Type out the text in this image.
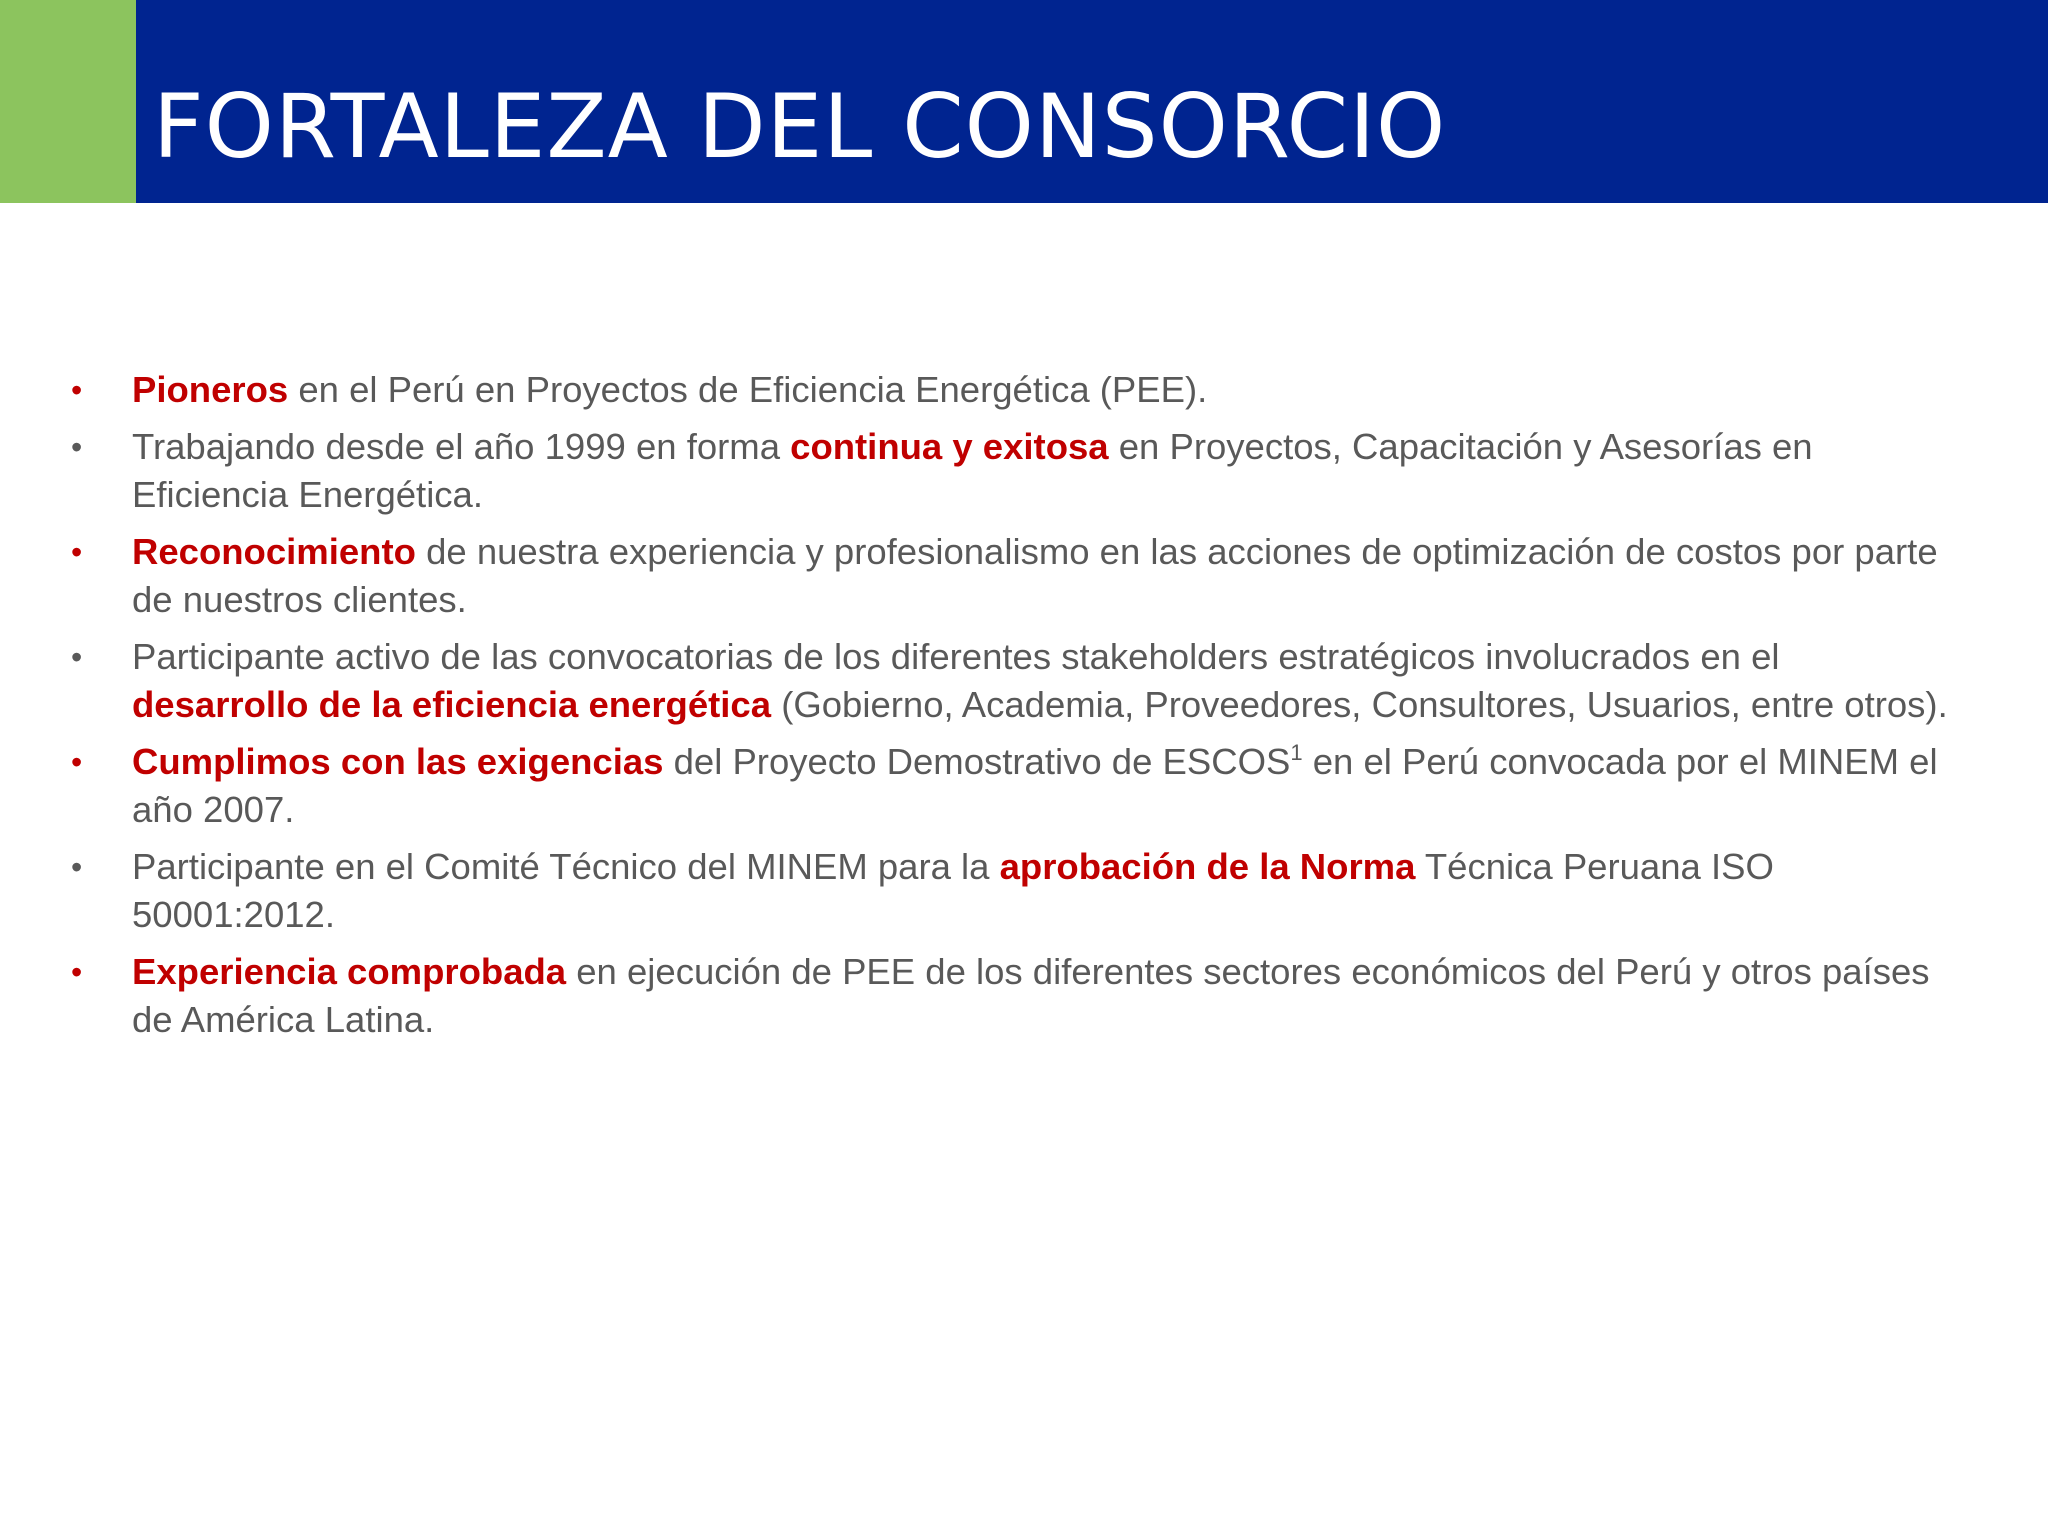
FORTALEZA DEL CONSORCIO
• Pioneros en el Perú en Proyectos de Eficiencia Energética (PEE).
• Trabajando desde el año 1999 en forma continua y exitosa en Proyectos, Capacitación y Asesorías en Eficiencia Energética.
• Reconocimiento de nuestra experiencia y profesionalismo en las acciones de optimización de costos por parte de nuestros clientes.
• Participante activo de las convocatorias de los diferentes stakeholders estratégicos involucrados en el desarrollo de la eficiencia energética (Gobierno, Academia, Proveedores, Consultores, Usuarios, entre otros).
• Cumplimos con las exigencias del Proyecto Demostrativo de ESCOS$^1$ en el Perú convocada por el MINEM el año 2007.
• Participante en el Comité Técnico del MINEM para la aprobación de la Norma Técnica Peruana ISO 50001:2012.
• Experiencia comprobada en ejecución de PEE de los diferentes sectores económicos del Perú y otros países de América Latina.
